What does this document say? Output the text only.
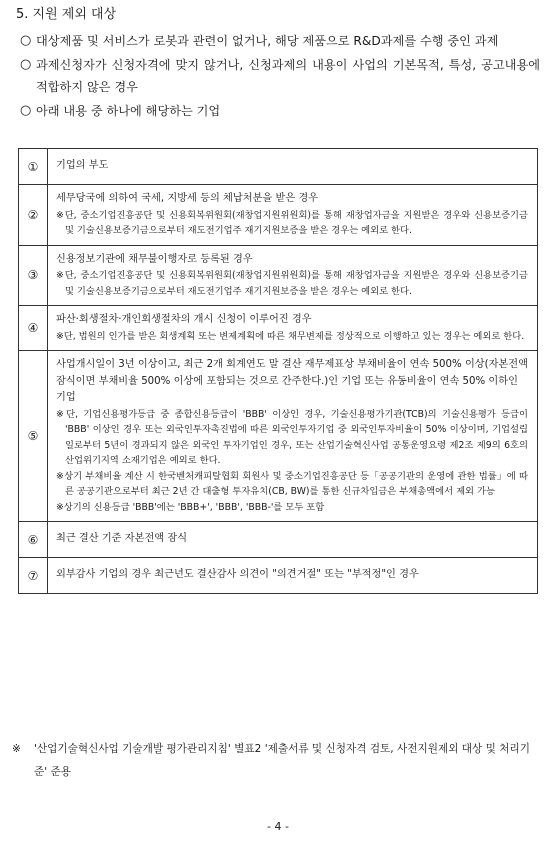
5. 지원 제외 대상
○ 대상제품 및 서비스가 로봇과 관련이 없거나, 해당 제품으로 R&D과제를 수행 중인 과제
○ 과제신청자가 신청자격에 맞지 않거나, 신청과제의 내용이 사업의 기본목적, 특성, 공고내용에 적합하지 않은 경우
○ 아래 내용 중 하나에 해당하는 기업
①	기업의 부도

②	세무당국에 의하여 국세, 지방세 등의 체납처분을 받은 경우

※단, 중소기업진흥공단 및 신용회복위원회(재창업지원위원회)를 통해 재창업자금을 지원받은 경우와 신용보증기금 및 기술신용보증기금으로부터 재도전기업주 재기지원보증을 받은 경우는 예외로 한다.

③	신용정보기관에 채무불이행자로 등록된 경우

※단, 중소기업진흥공단 및 신용회복위원회(재창업지원위원회)를 통해 재창업자금을 지원받은 경우와 신용보증기금 및 기술신용보증기금으로부터 재도전기업주 재기지원보증을 받은 경우는 예외로 한다.

④	파산·회생절차·개인회생절차의 개시 신청이 이루어진 경우

※단, 법원의 인가를 받은 회생계획 또는 변제계획에 따른 채무변제를 정상적으로 이행하고 있는 경우는 예외로 한다.

⑤	사업개시일이 3년 이상이고, 최근 2개 회계연도 말 결산 재무제표상 부채비율이 연속 500% 이상(자본전액잠식이면 부채비율 500% 이상에 포함되는 것으로 간주한다.)인 기업 또는 유동비율이 연속 50% 이하인 기업

※단, 기업신용평가등급 중 종합신용등급이 'BBB' 이상인 경우, 기술신용평가기관(TCB)의 기술신용평가 등급이 'BBB' 이상인 경우 또는 외국인투자촉진법에 따른 외국인투자기업 중 외국인투자비율이 50% 이상이며, 기업설립일로부터 5년이 경과되지 않은 외국인 투자기업인 경우, 또는 산업기술혁신사업 공통운영요령 제2조 제9의 6호의 산업위기지역 소재기업은 예외로 한다.

※상기 부채비율 계산 시 한국벤처캐피탈협회 회원사 및 중소기업진흥공단 등「공공기관의 운영에 관한 법률」에 따른 공공기관으로부터 최근 2년 간 대출형 투자유치(CB, BW)를 통한 신규차입금은 부채총액에서 제외 가능

※상기의 신용등급 'BBB'에는 'BBB+', 'BBB', 'BBB-'를 모두 포함

⑥	최근 결산 기준 자본전액 잠식

⑦	외부감사 기업의 경우 최근년도 결산감사 의견이 "의견거절" 또는 "부적정"인 경우

※	'산업기술혁신사업 기술개발 평가관리지침' 별표2 '제출서류 및 신청자격 검토, 사전지원제외 대상 및 처리기준' 준용
- 4 -
